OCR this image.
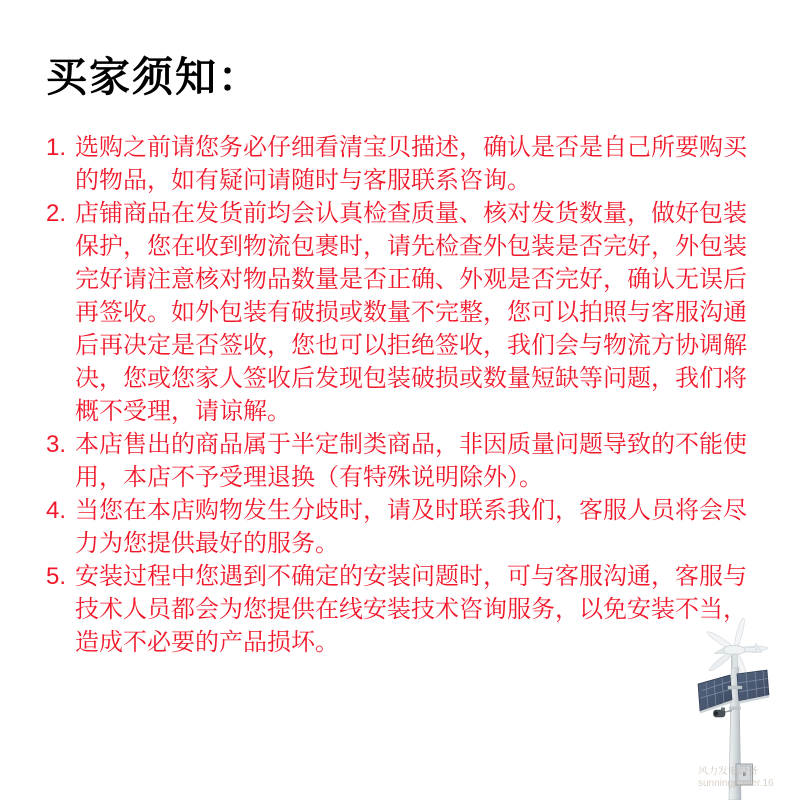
买家须知：
1. 选购之前请您务必仔细看清宝贝描述，确认是否是自己所要购买的物品，如有疑问请随时与客服联系咨询。
2. 店铺商品在发货前均会认真检查质量、核对发货数量，做好包装保护，您在收到物流包裹时，请先检查外包装是否完好，外包装完好请注意核对物品数量是否正确、外观是否完好，确认无误后再签收。如外包装有破损或数量不完整，您可以拍照与客服沟通后再决定是否签收，您也可以拒绝签收，我们会与物流方协调解决，您或您家人签收后发现包装破损或数量短缺等问题，我们将概不受理，请谅解。
3. 本店售出的商品属于半定制类商品，非因质量问题导致的不能使用，本店不予受理退换（有特殊说明除外）。
4. 当您在本店购物发生分歧时，请及时联系我们，客服人员将会尽力为您提供最好的服务。
5. 安装过程中您遇到不确定的安装问题时，可与客服沟通，客服与技术人员都会为您提供在线安装技术咨询服务，以免安装不当，造成不必要的产品损坏。
风力发电设备
sunningpower.16
